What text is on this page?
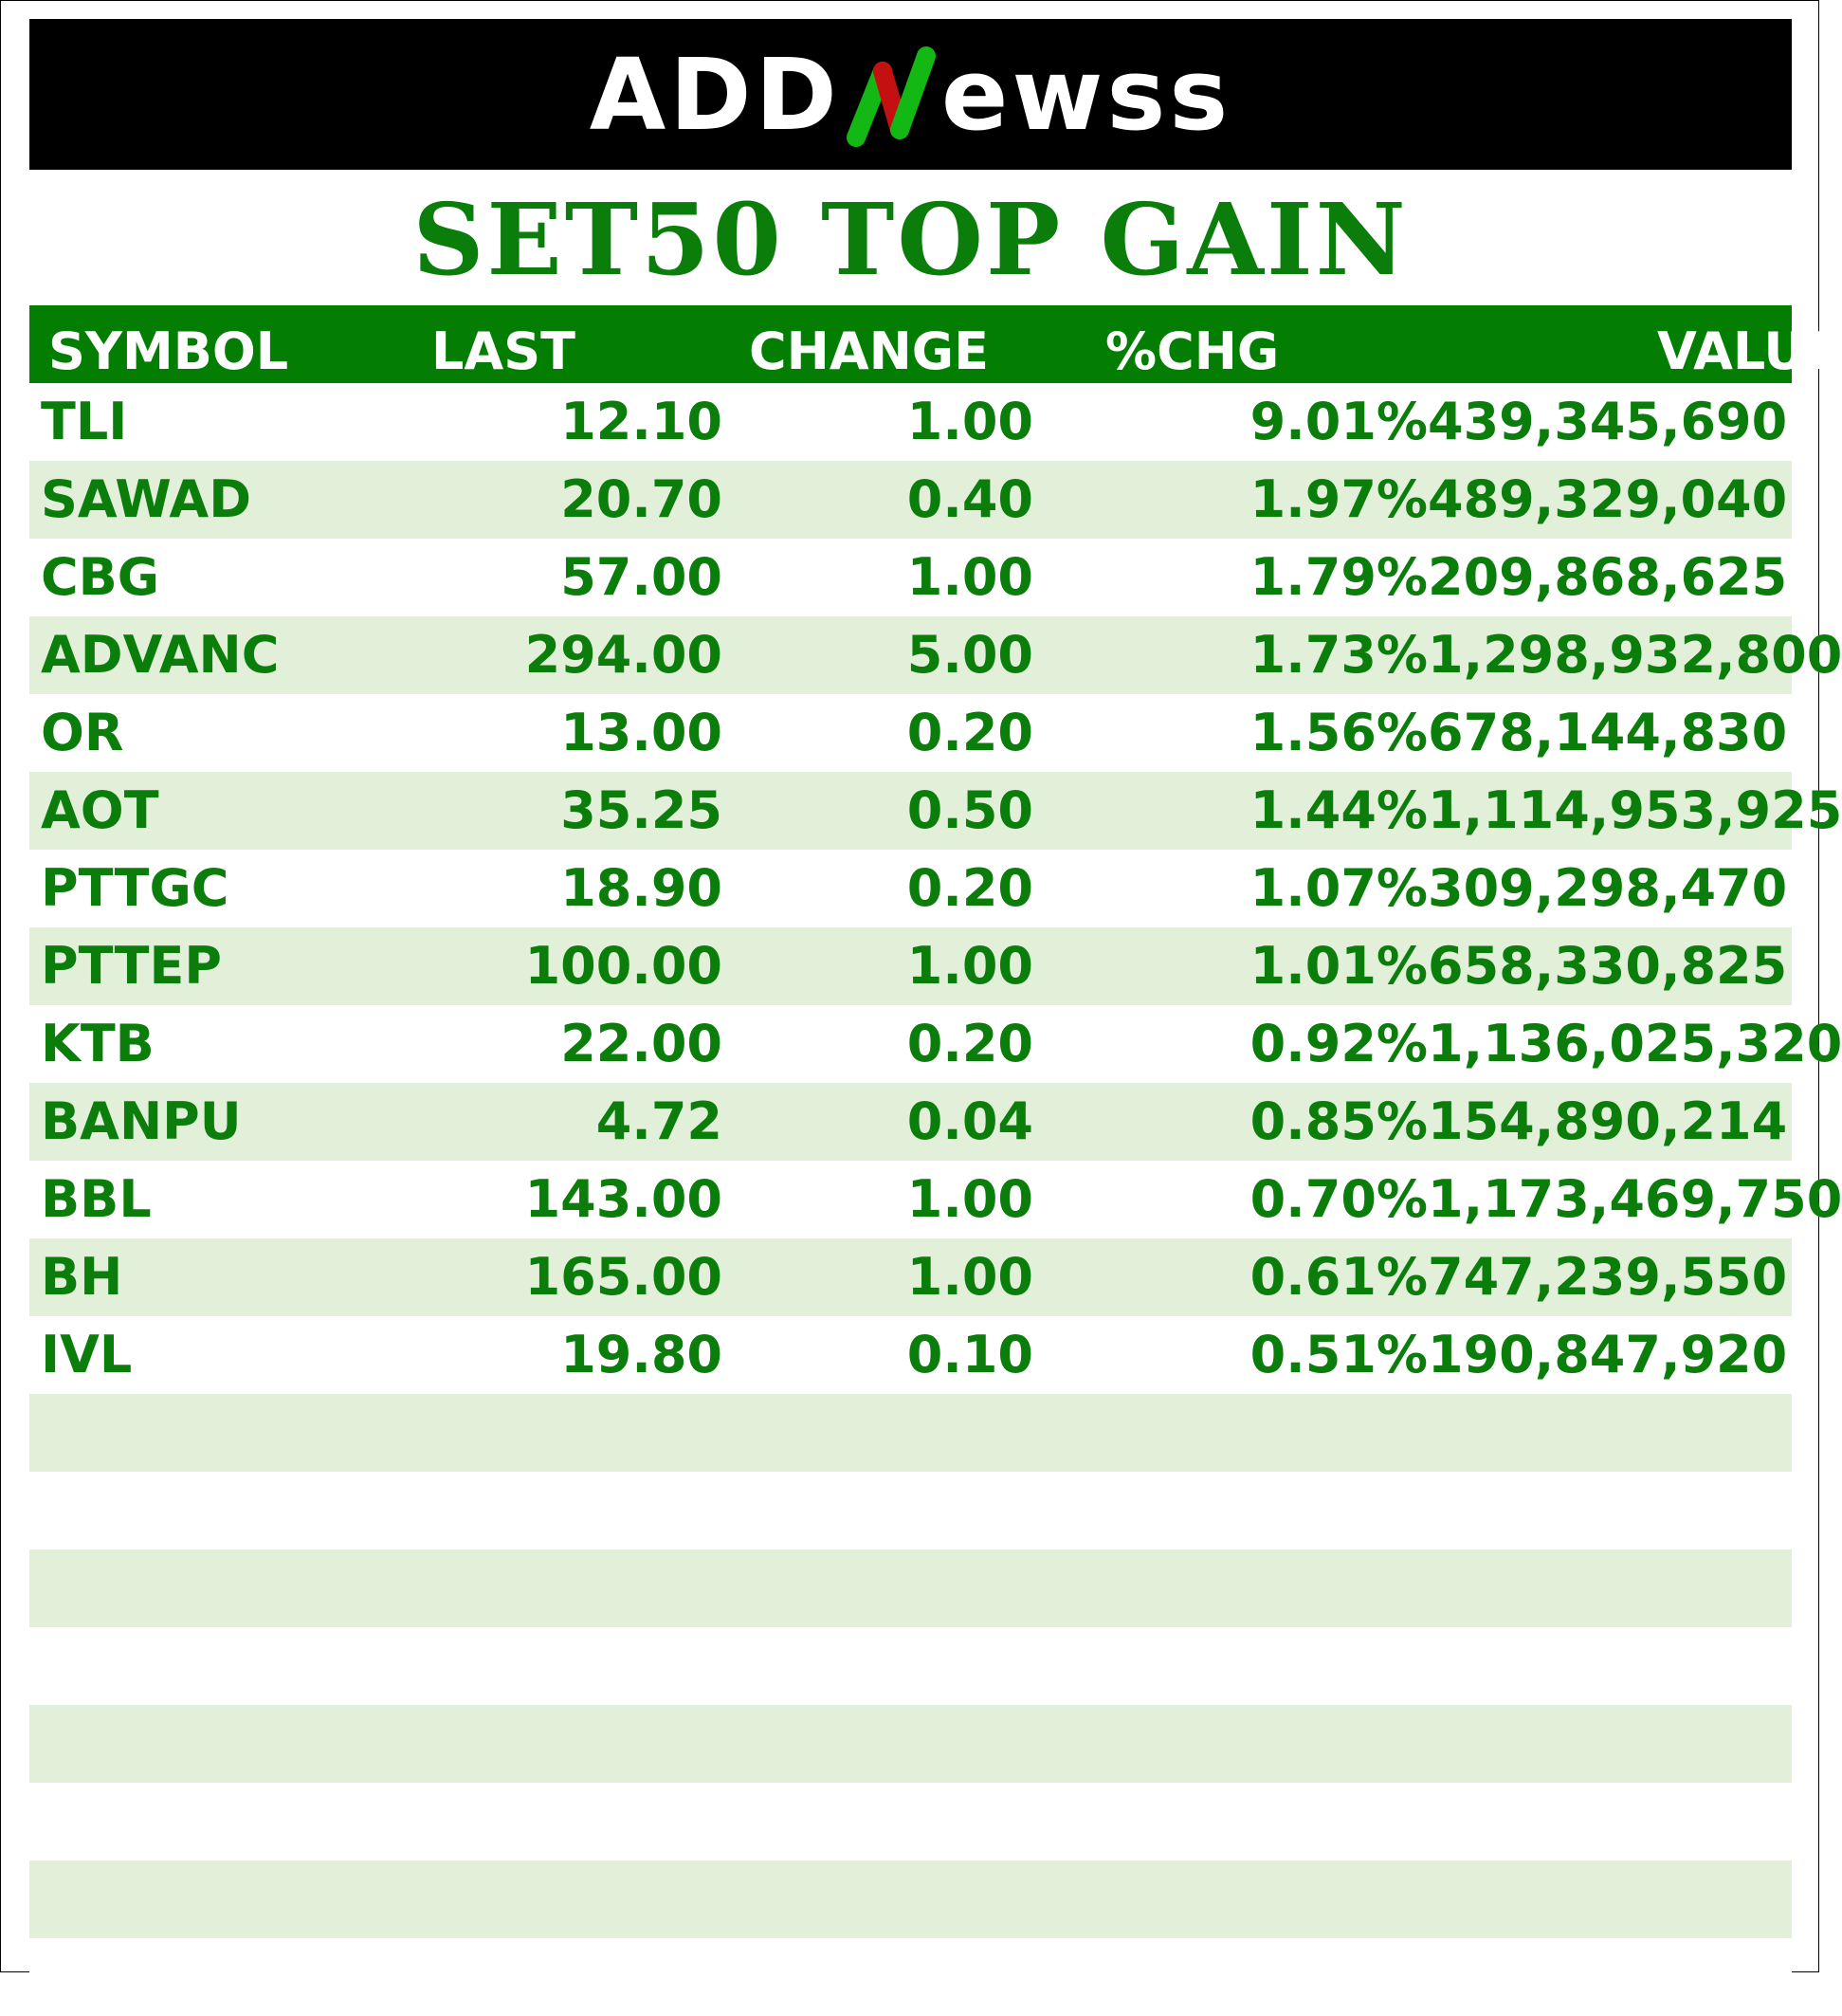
ADD ewss
SET50 TOP GAIN
SYMBOL	LAST	CHANGE	%CHG	VALUE
TLI	12.10	1.00	9.01%	439,345,690
SAWAD	20.70	0.40	1.97%	489,329,040
CBG	57.00	1.00	1.79%	209,868,625
ADVANC	294.00	5.00	1.73%	1,298,932,800
OR	13.00	0.20	1.56%	678,144,830
AOT	35.25	0.50	1.44%	1,114,953,925
PTTGC	18.90	0.20	1.07%	309,298,470
PTTEP	100.00	1.00	1.01%	658,330,825
KTB	22.00	0.20	0.92%	1,136,025,320
BANPU	4.72	0.04	0.85%	154,890,214
BBL	143.00	1.00	0.70%	1,173,469,750
BH	165.00	1.00	0.61%	747,239,550
IVL	19.80	0.10	0.51%	190,847,920
